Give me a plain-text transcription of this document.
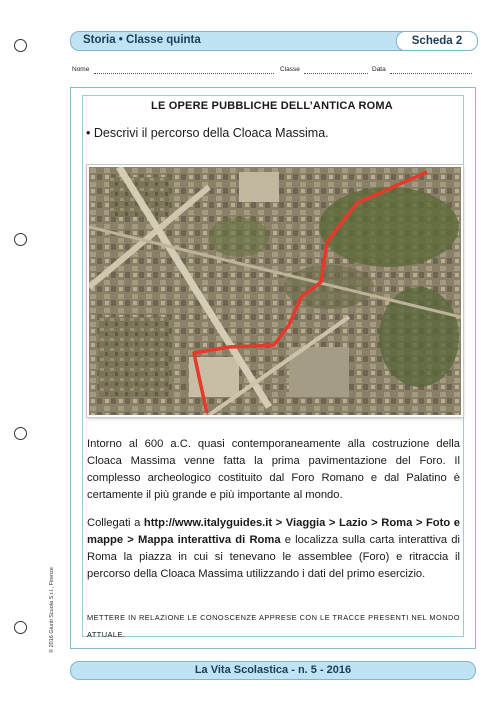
Storia • Classe quinta	Scheda 2
Nome	Classe	Data
LE OPERE PUBBLICHE DELL’ANTICA ROMA
• Descrivi il percorso della Cloaca Massima.
Intorno al 600 a.C. quasi contemporaneamente alla costruzione della Cloaca Massima venne fatta la prima pavimentazione del Foro. Il complesso archeologico costituito dal Foro Romano e dal Palatino è certamente il più grande e più importante al mondo.
Collegati a http://www.italyguides.it > Viaggia > Lazio > Roma > Foto e mappe > Mappa interattiva di Roma e localizza sulla carta interattiva di Roma la piazza in cui si tenevano le assemblee (Foro) e ritraccia il percorso della Cloaca Massima utilizzando i dati del primo esercizio.
METTERE IN RELAZIONE LE CONOSCENZE APPRESE CON LE TRACCE PRESENTI NEL MONDO ATTUALE.
© 2016 Giunti Scuola S.r.l., Firenze
La Vita Scolastica - n. 5 - 2016
